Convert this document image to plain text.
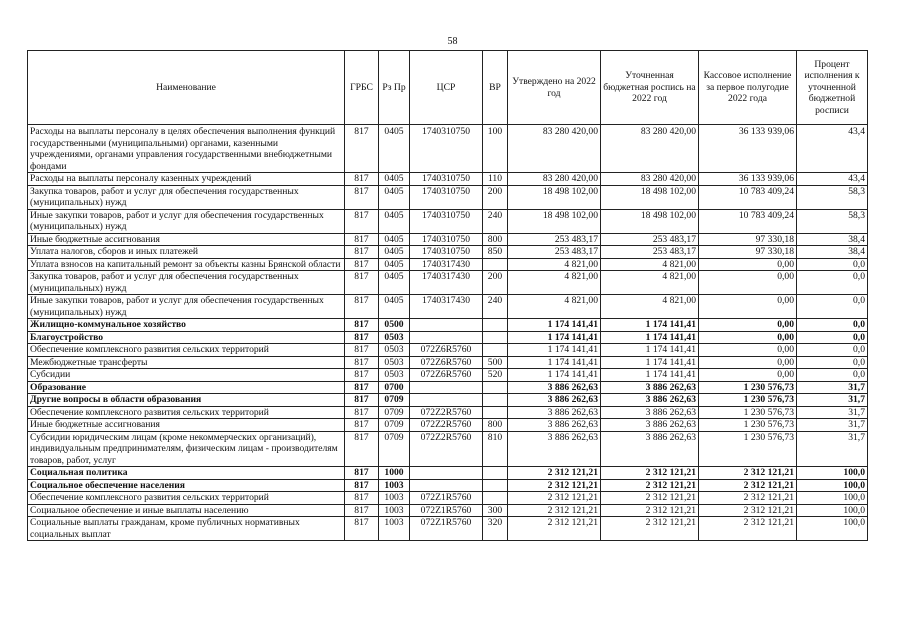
58
Наименование	ГРБС	Рз Пр	ЦСР	ВР	Утверждено на 2022 год	Уточненная бюджетная роспись на 2022 год	Кассовое исполнение за первое полугодие 2022 года	Процент исполнения к уточненной бюджетной росписи
Расходы на выплаты персоналу в целях обеспечения выполнения функций государственными (муниципальными) органами, казенными учреждениями, органами управления государственными внебюджетными фондами	817	0405	1740310750	100	83 280 420,00	83 280 420,00	36 133 939,06	43,4
Расходы на выплаты персоналу казенных учреждений	817	0405	1740310750	110	83 280 420,00	83 280 420,00	36 133 939,06	43,4
Закупка товаров, работ и услуг для обеспечения государственных (муниципальных) нужд	817	0405	1740310750	200	18 498 102,00	18 498 102,00	10 783 409,24	58,3
Иные закупки товаров, работ и услуг для обеспечения государственных (муниципальных) нужд	817	0405	1740310750	240	18 498 102,00	18 498 102,00	10 783 409,24	58,3
Иные бюджетные ассигнования	817	0405	1740310750	800	253 483,17	253 483,17	97 330,18	38,4
Уплата налогов, сборов и иных платежей	817	0405	1740310750	850	253 483,17	253 483,17	97 330,18	38,4
Уплата взносов на капитальный ремонт за объекты казны Брянской области	817	0405	1740317430		4 821,00	4 821,00	0,00	0,0
Закупка товаров, работ и услуг для обеспечения государственных (муниципальных) нужд	817	0405	1740317430	200	4 821,00	4 821,00	0,00	0,0
Иные закупки товаров, работ и услуг для обеспечения государственных (муниципальных) нужд	817	0405	1740317430	240	4 821,00	4 821,00	0,00	0,0
Жилищно-коммунальное хозяйство	817	0500			1 174 141,41	1 174 141,41	0,00	0,0
Благоустройство	817	0503			1 174 141,41	1 174 141,41	0,00	0,0
Обеспечение комплексного развития сельских территорий	817	0503	072Z6R5760		1 174 141,41	1 174 141,41	0,00	0,0
Межбюджетные трансферты	817	0503	072Z6R5760	500	1 174 141,41	1 174 141,41	0,00	0,0
Субсидии	817	0503	072Z6R5760	520	1 174 141,41	1 174 141,41	0,00	0,0
Образование	817	0700			3 886 262,63	3 886 262,63	1 230 576,73	31,7
Другие вопросы в области образования	817	0709			3 886 262,63	3 886 262,63	1 230 576,73	31,7
Обеспечение комплексного развития сельских территорий	817	0709	072Z2R5760		3 886 262,63	3 886 262,63	1 230 576,73	31,7
Иные бюджетные ассигнования	817	0709	072Z2R5760	800	3 886 262,63	3 886 262,63	1 230 576,73	31,7
Субсидии юридическим лицам (кроме некоммерческих организаций), индивидуальным предпринимателям, физическим лицам - производителям товаров, работ, услуг	817	0709	072Z2R5760	810	3 886 262,63	3 886 262,63	1 230 576,73	31,7
Социальная политика	817	1000			2 312 121,21	2 312 121,21	2 312 121,21	100,0
Социальное обеспечение населения	817	1003			2 312 121,21	2 312 121,21	2 312 121,21	100,0
Обеспечение комплексного развития сельских территорий	817	1003	072Z1R5760		2 312 121,21	2 312 121,21	2 312 121,21	100,0
Социальное обеспечение и иные выплаты населению	817	1003	072Z1R5760	300	2 312 121,21	2 312 121,21	2 312 121,21	100,0
Социальные выплаты гражданам, кроме публичных нормативных социальных выплат	817	1003	072Z1R5760	320	2 312 121,21	2 312 121,21	2 312 121,21	100,0
